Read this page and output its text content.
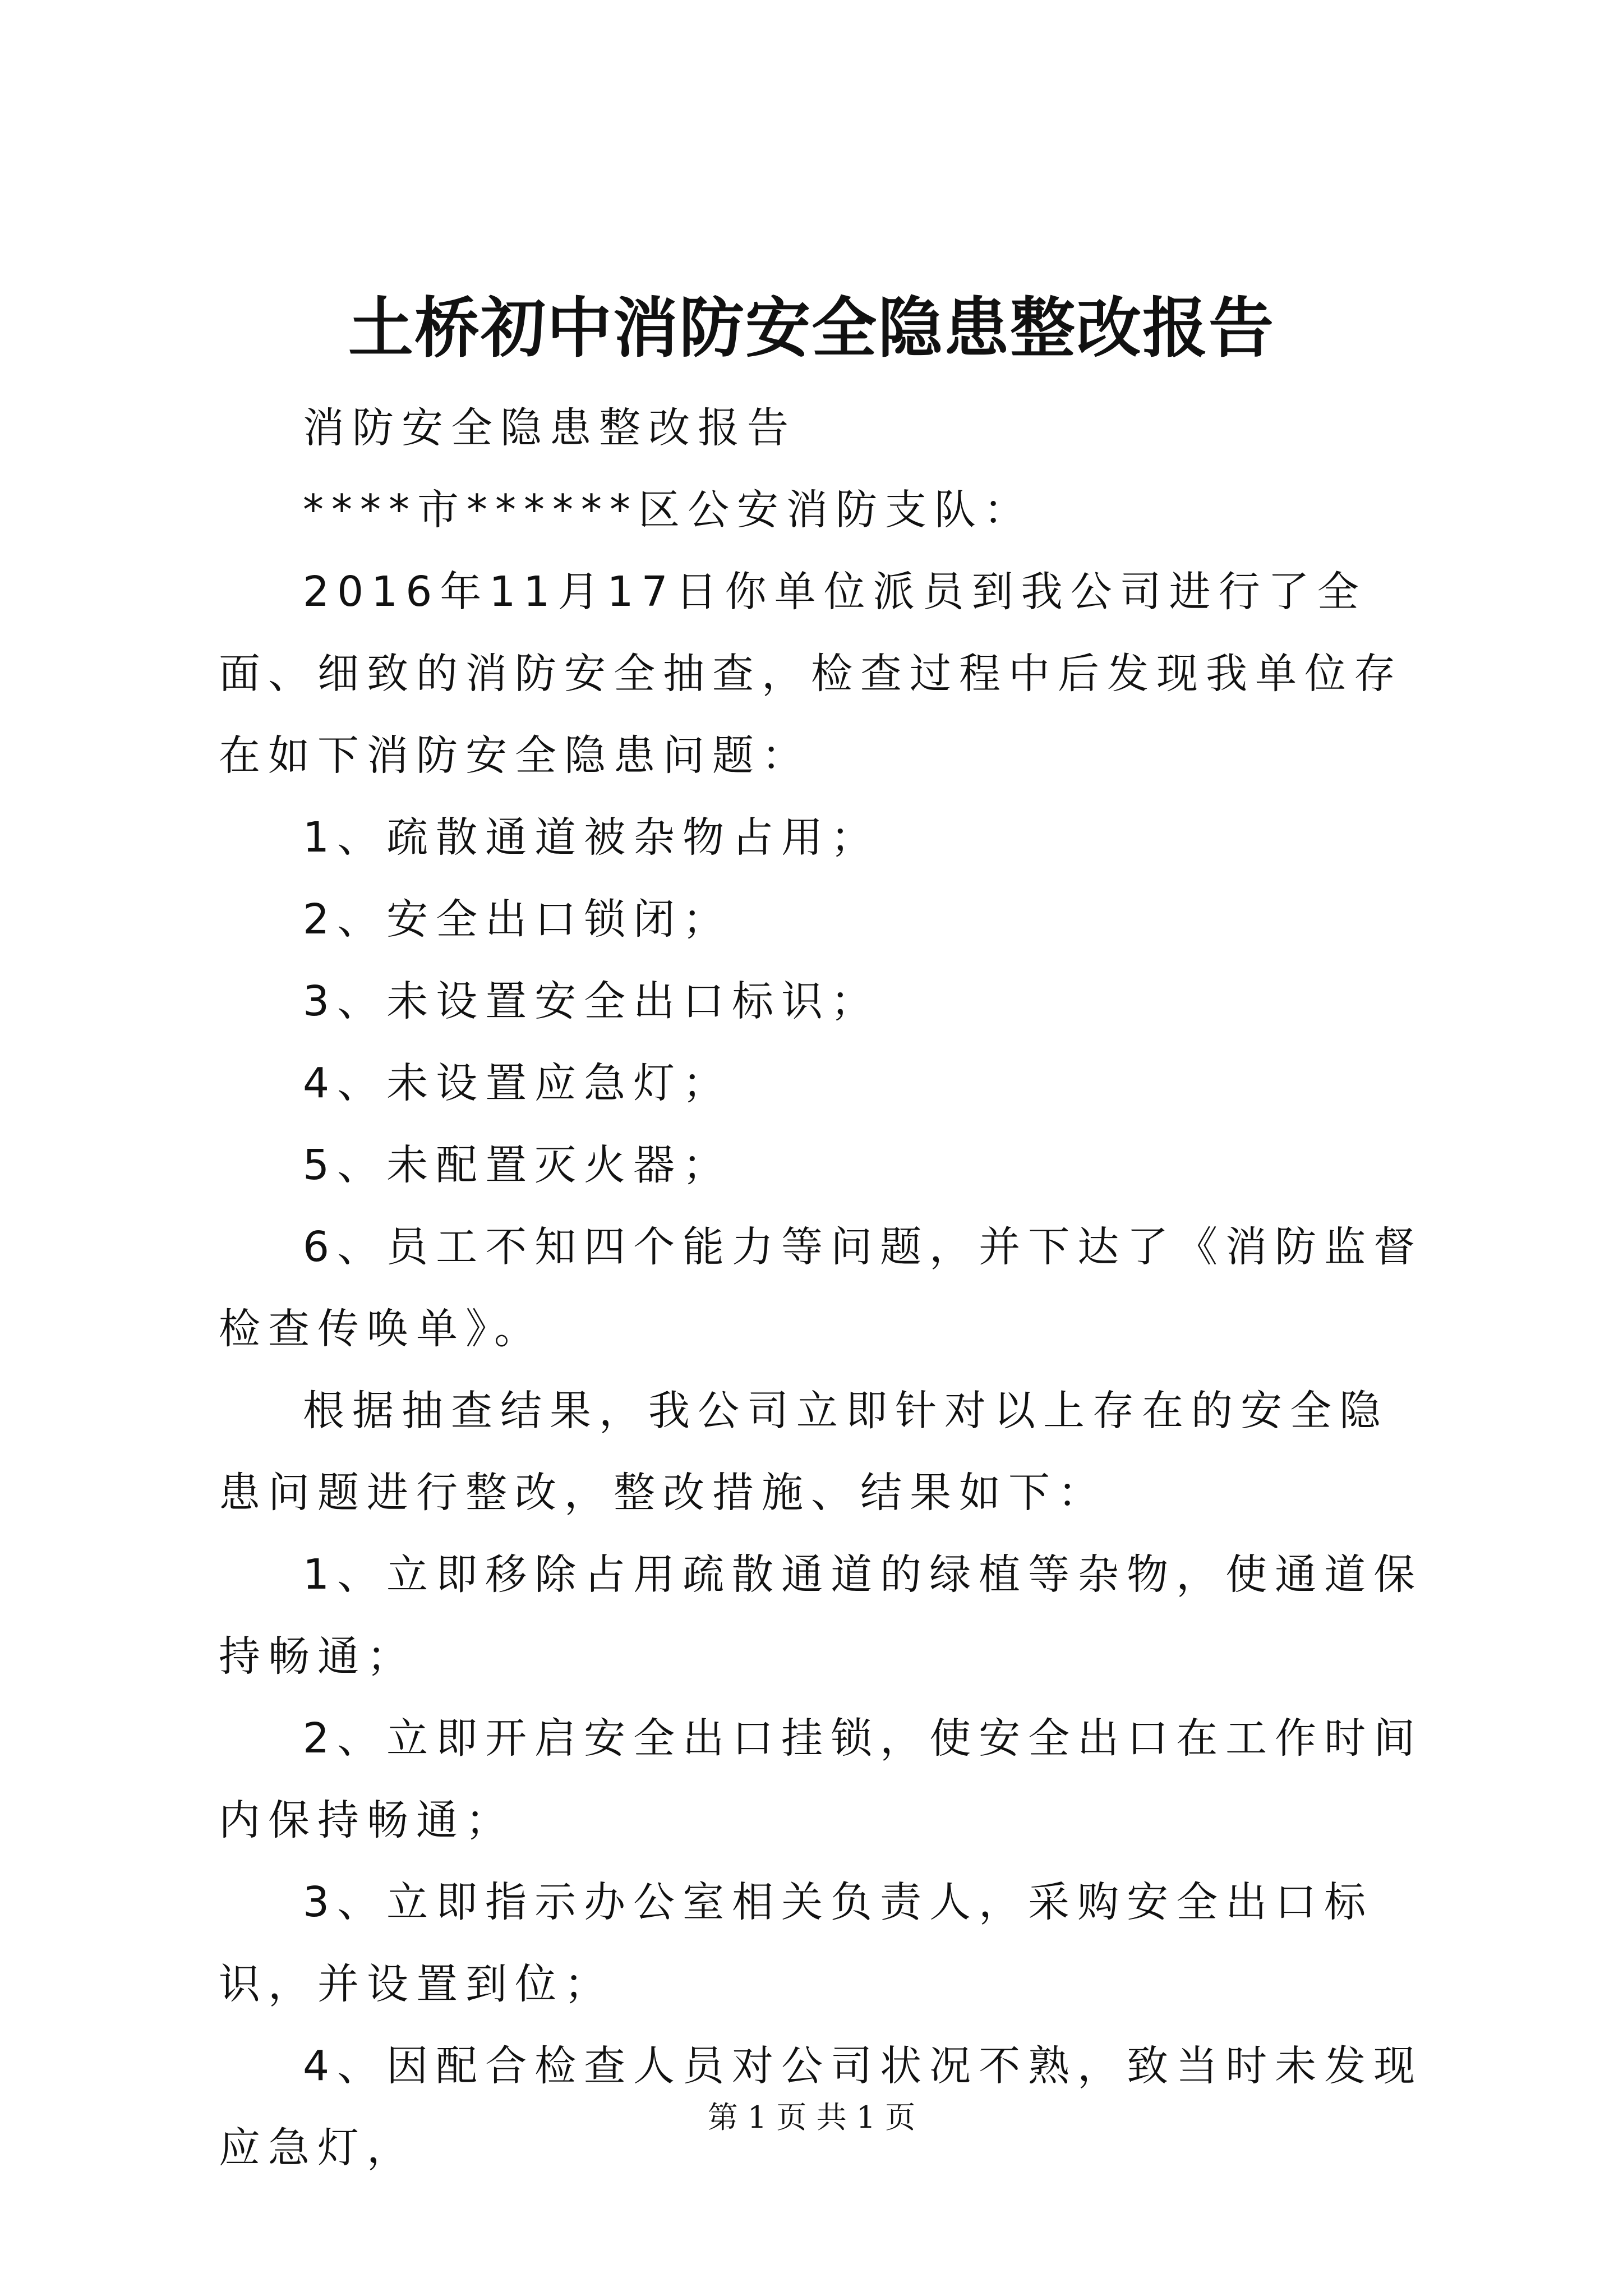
土桥初中消防安全隐患整改报告

消防安全隐患整改报告

****市******区公安消防支队：

2016年11月17日你单位派员到我公司进行了全面、细致的消防安全抽查，检查过程中后发现我单位存在如下消防安全隐患问题：

1、疏散通道被杂物占用；

2、安全出口锁闭；

3、未设置安全出口标识；

4、未设置应急灯；

5、未配置灭火器；

6、员工不知四个能力等问题，并下达了《消防监督检查传唤单》。

根据抽查结果，我公司立即针对以上存在的安全隐患问题进行整改，整改措施、结果如下：

1、立即移除占用疏散通道的绿植等杂物，使通道保持畅通；

2、立即开启安全出口挂锁，使安全出口在工作时间内保持畅通；

3、立即指示办公室相关负责人，采购安全出口标识，并设置到位；

4、因配合检查人员对公司状况不熟，致当时未发现应急灯，

第 1 页 共 1 页
